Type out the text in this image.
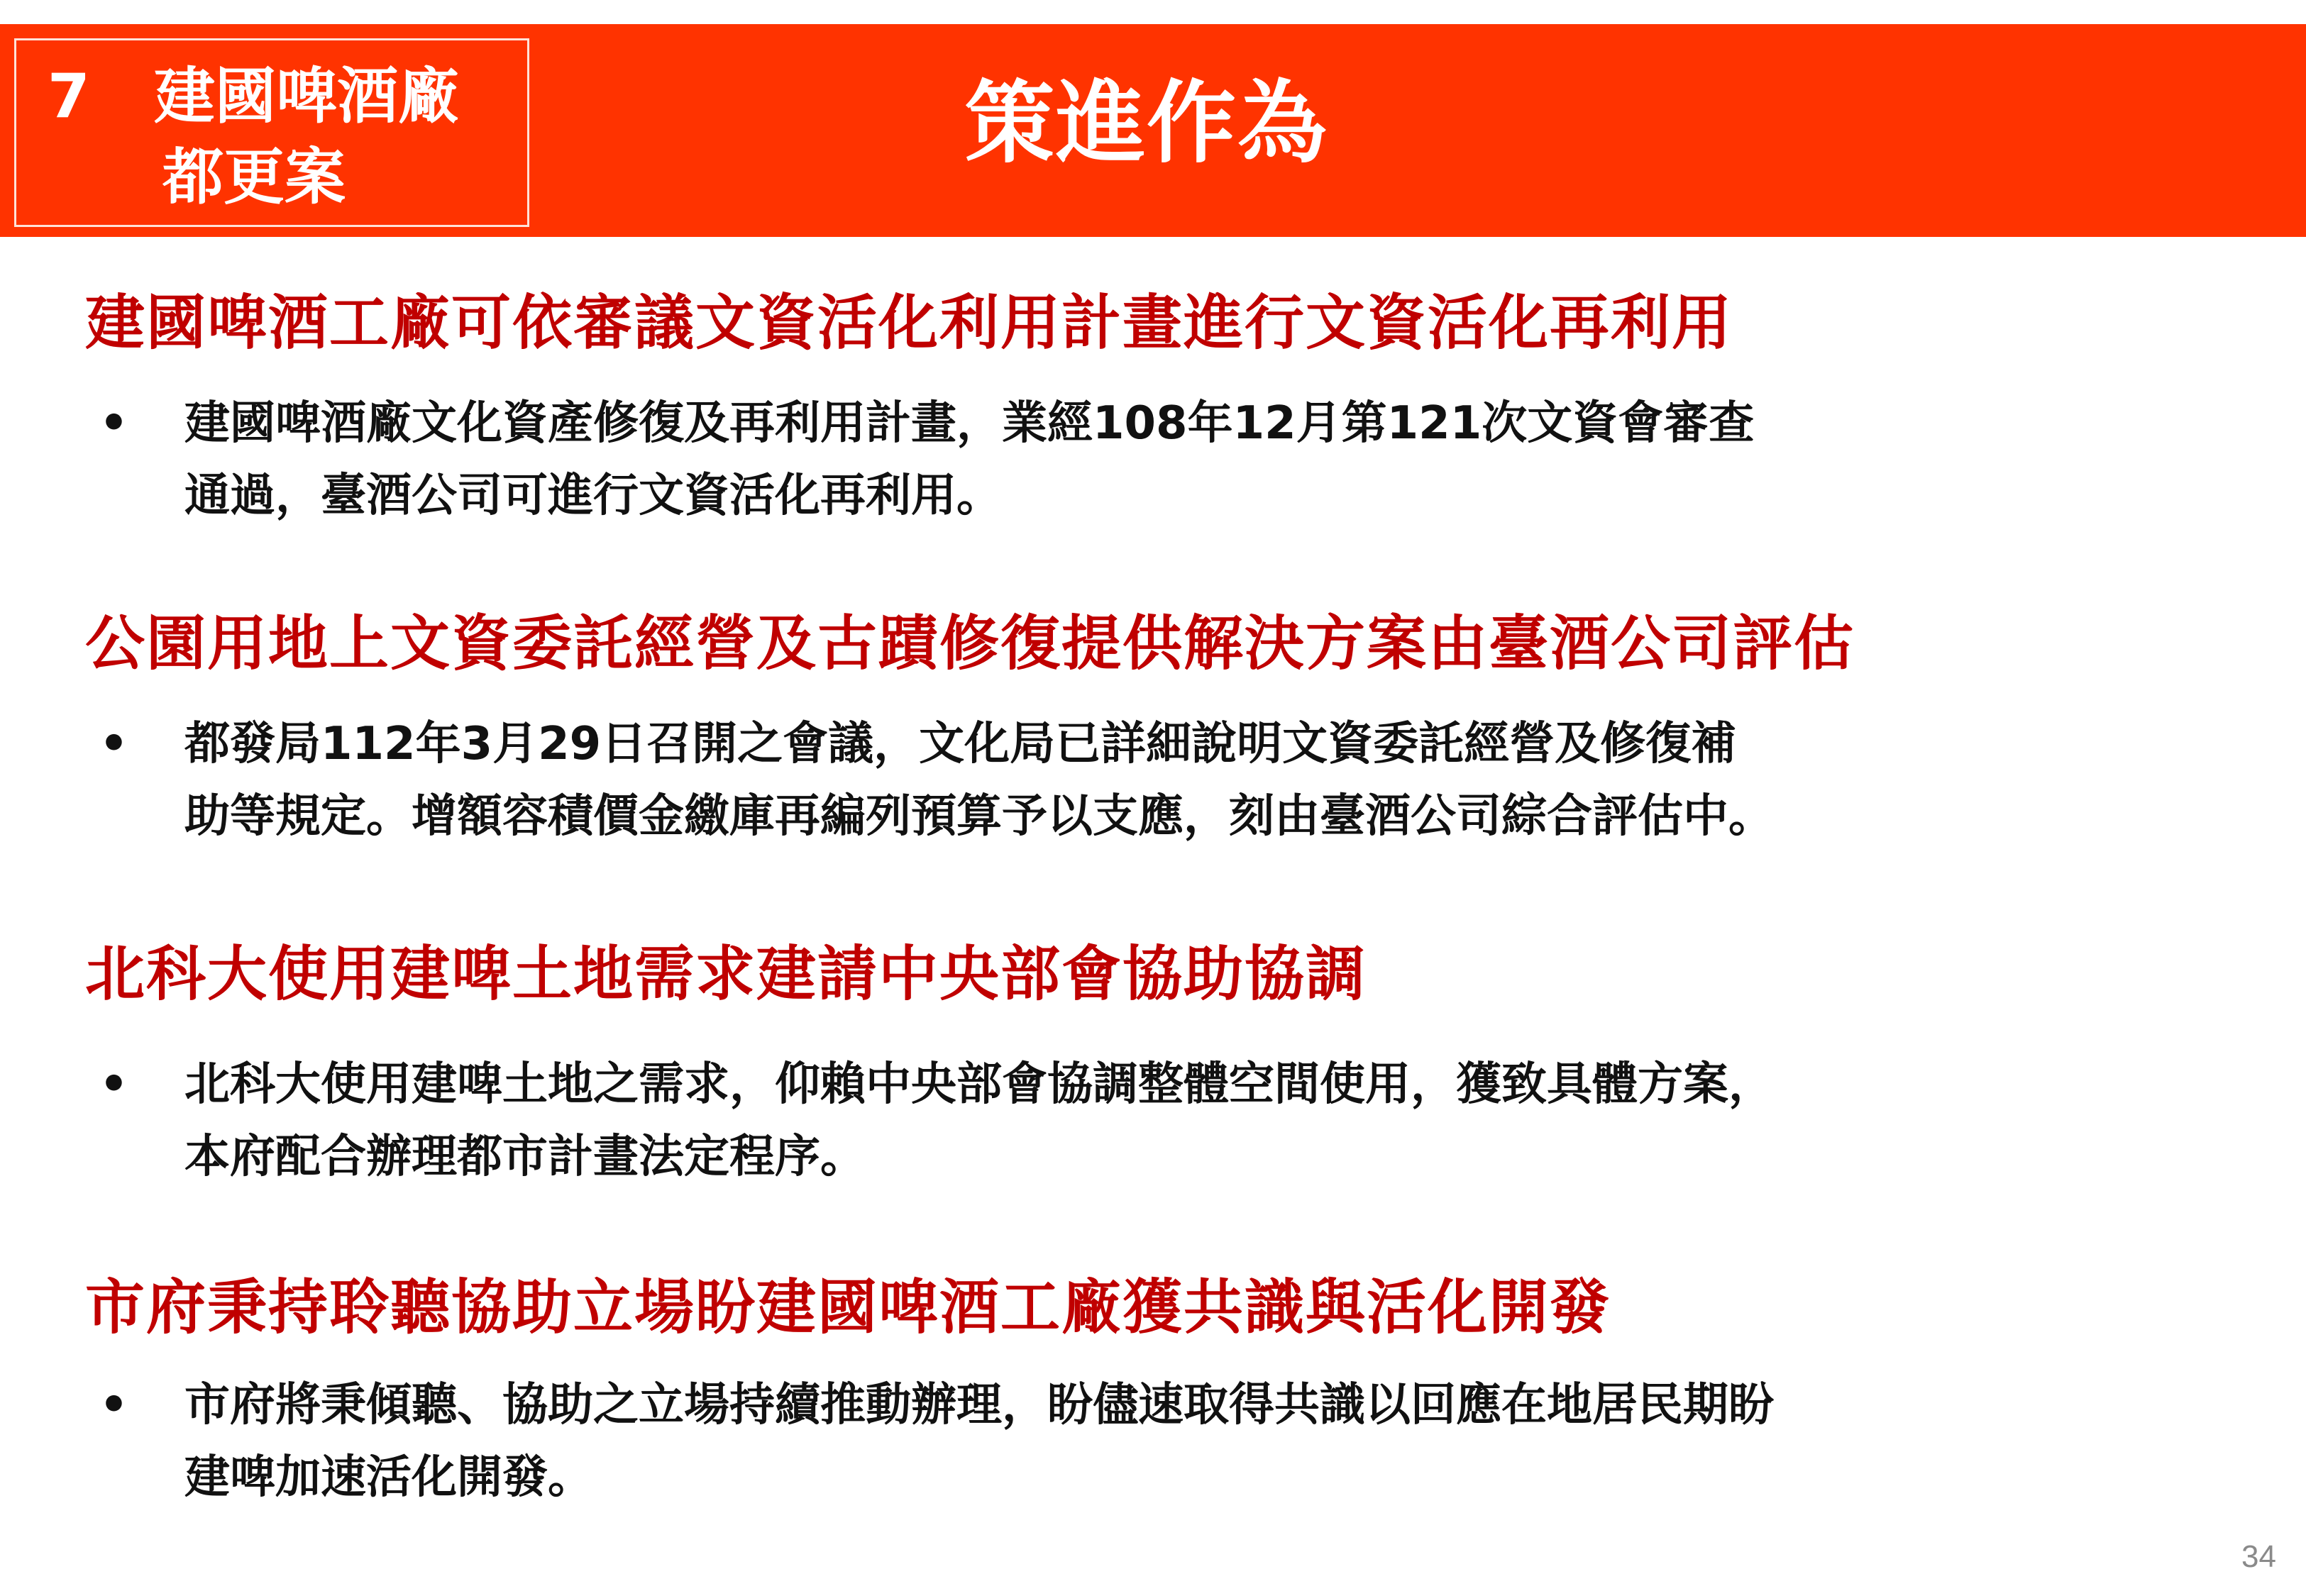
7 建國啤酒廠
都更案
策進作為
建國啤酒工廠可依審議文資活化利用計畫進行文資活化再利用
• 建國啤酒廠文化資產修復及再利用計畫，業經108年12月第121次文資會審查
通過，臺酒公司可進行文資活化再利用。
公園用地上文資委託經營及古蹟修復提供解決方案由臺酒公司評估
• 都發局112年3月29日召開之會議，文化局已詳細說明文資委託經營及修復補
助等規定。增額容積價金繳庫再編列預算予以支應，刻由臺酒公司綜合評估中。
北科大使用建啤土地需求建請中央部會協助協調
• 北科大使用建啤土地之需求，仰賴中央部會協調整體空間使用，獲致具體方案，
本府配合辦理都市計畫法定程序。
市府秉持聆聽協助立場盼建國啤酒工廠獲共識與活化開發
• 市府將秉傾聽、協助之立場持續推動辦理，盼儘速取得共識以回應在地居民期盼
建啤加速活化開發。
34
